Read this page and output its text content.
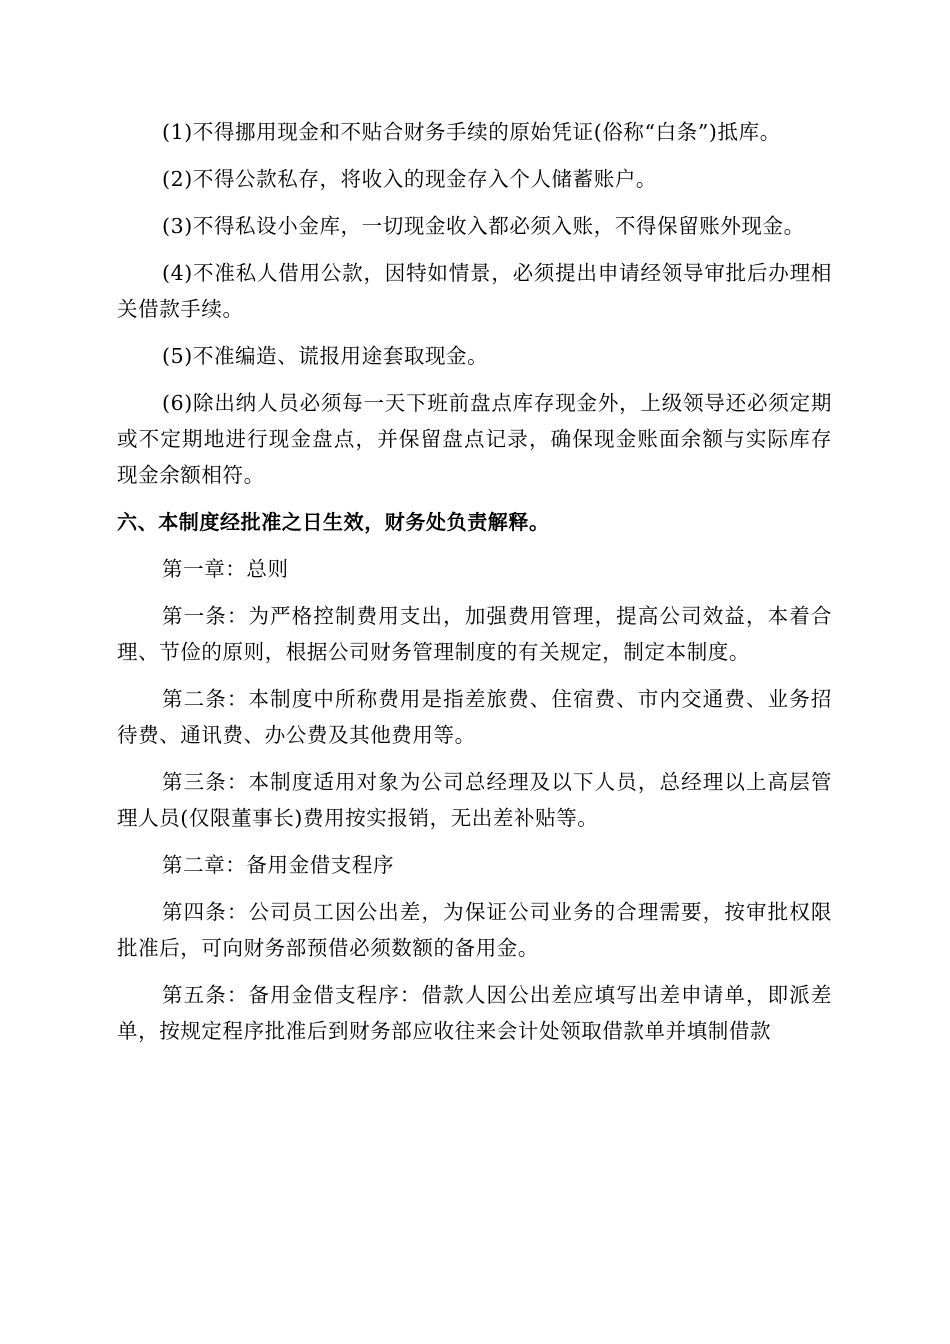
(1)不得挪用现金和不贴合财务手续的原始凭证(俗称“白条”)抵库。

(2)不得公款私存，将收入的现金存入个人储蓄账户。

(3)不得私设小金库，一切现金收入都必须入账，不得保留账外现金。

(4)不准私人借用公款，因特如情景，必须提出申请经领导审批后办理相关借款手续。

(5)不准编造、谎报用途套取现金。

(6)除出纳人员必须每一天下班前盘点库存现金外，上级领导还必须定期或不定期地进行现金盘点，并保留盘点记录，确保现金账面余额与实际库存现金余额相符。

六、本制度经批准之日生效，财务处负责解释。

第一章：总则

第一条：为严格控制费用支出，加强费用管理，提高公司效益，本着合理、节俭的原则，根据公司财务管理制度的有关规定，制定本制度。

第二条：本制度中所称费用是指差旅费、住宿费、市内交通费、业务招待费、通讯费、办公费及其他费用等。

第三条：本制度适用对象为公司总经理及以下人员，总经理以上高层管理人员(仅限董事长)费用按实报销，无出差补贴等。

第二章：备用金借支程序

第四条：公司员工因公出差，为保证公司业务的合理需要，按审批权限批准后，可向财务部预借必须数额的备用金。

第五条：备用金借支程序：借款人因公出差应填写出差申请单，即派差单，按规定程序批准后到财务部应收往来会计处领取借款单并填制借款
